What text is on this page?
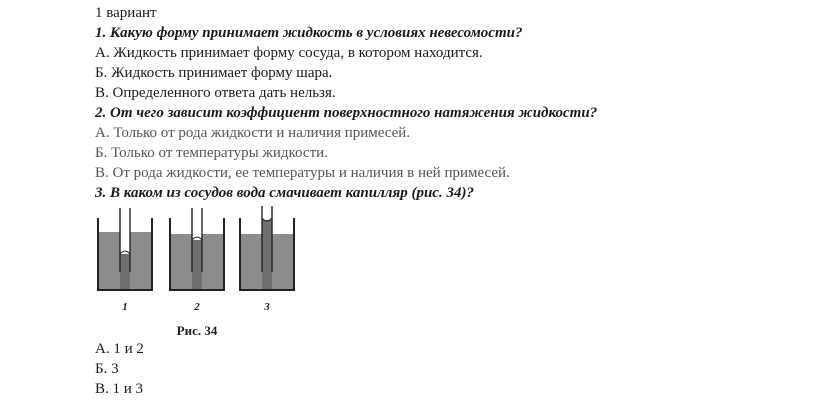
1 вариант
1. Какую форму принимает жидкость в условиях невесомости?
А. Жидкость принимает форму сосуда, в котором находится.
Б. Жидкость принимает форму шара.
В. Определенного ответа дать нельзя.
2. От чего зависит коэффициент поверхностного натяжения жидкости?
А. Только от рода жидкости и наличия примесей.
Б. Только от температуры жидкости.
В. От рода жидкости, ее температуры и наличия в ней примесей.
3. В каком из сосудов вода смачивает капилляр (рис. 34)?
1	2	3
Рис. 34
А. 1 и 2
Б. 3
В. 1 и 3
